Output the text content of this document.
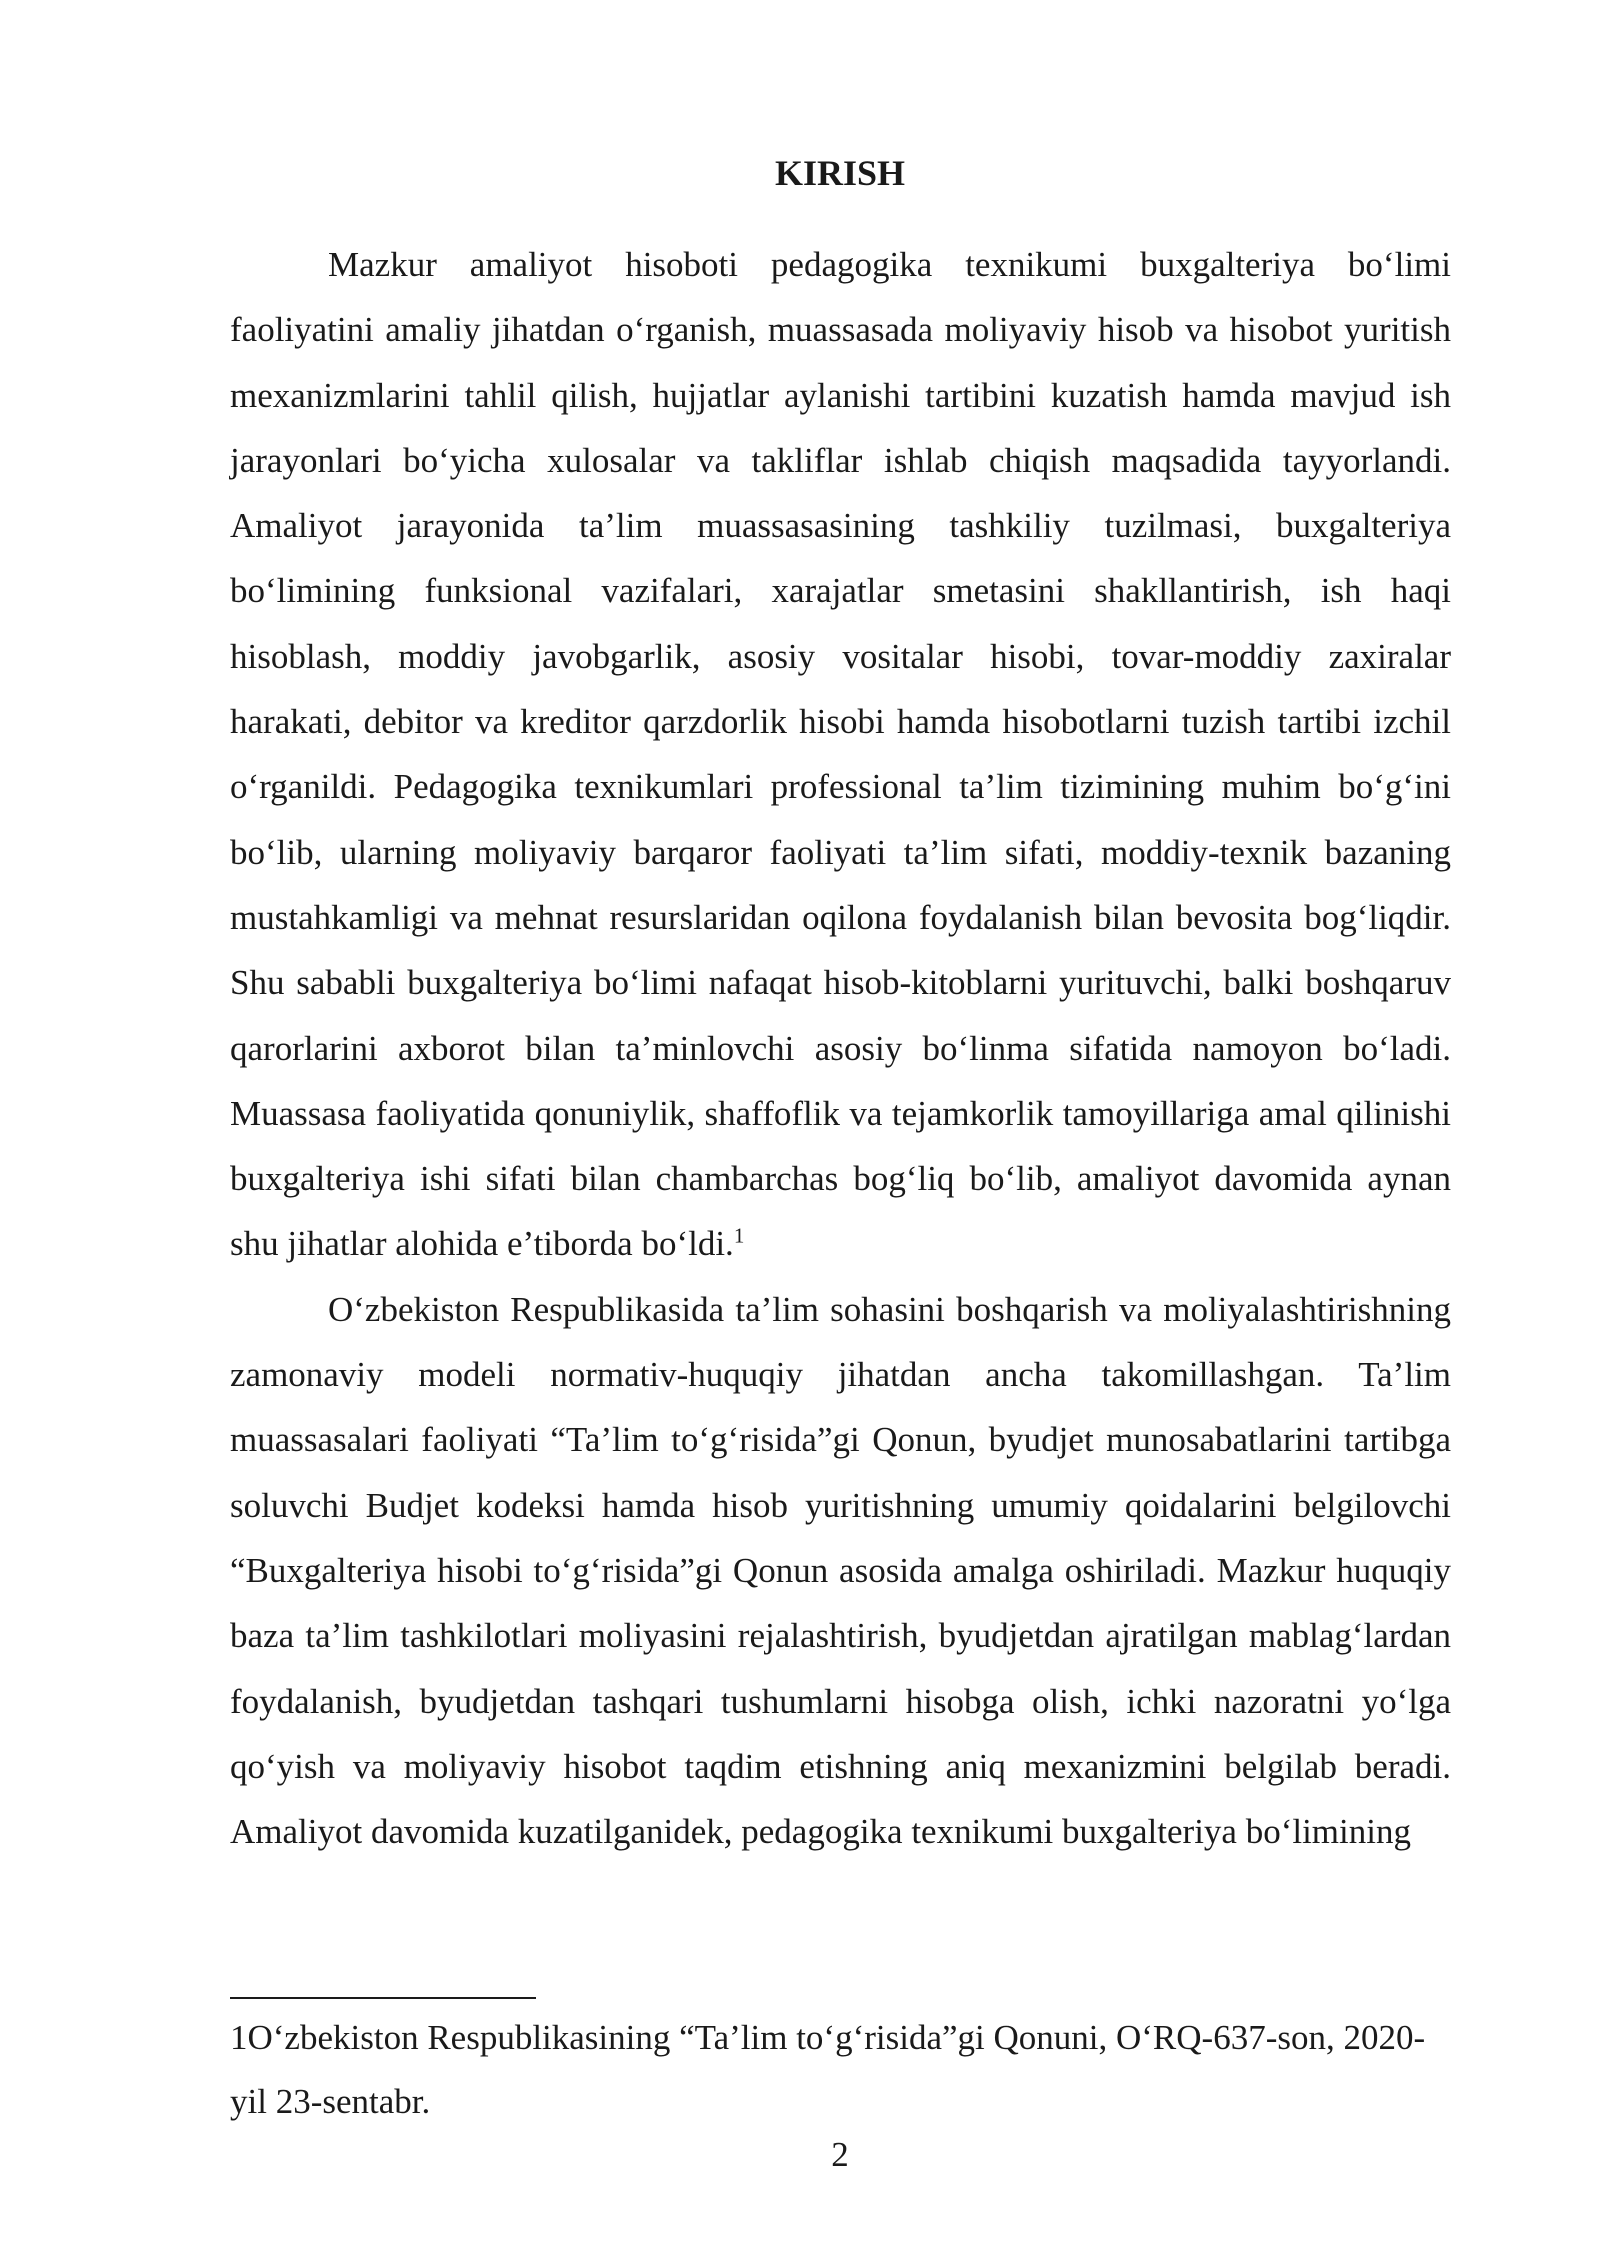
KIRISH

Mazkur amaliyot hisoboti pedagogika texnikumi buxgalteriya bo‘limi faoliyatini amaliy jihatdan o‘rganish, muassasada moliyaviy hisob va hisobot yuritish mexanizmlarini tahlil qilish, hujjatlar aylanishi tartibini kuzatish hamda mavjud ish jarayonlari bo‘yicha xulosalar va takliflar ishlab chiqish maqsadida tayyorlandi. Amaliyot jarayonida ta’lim muassasasining tashkiliy tuzilmasi, buxgalteriya bo‘limining funksional vazifalari, xarajatlar smetasini shakllantirish, ish haqi hisoblash, moddiy javobgarlik, asosiy vositalar hisobi, tovar-moddiy zaxiralar harakati, debitor va kreditor qarzdorlik hisobi hamda hisobotlarni tuzish tartibi izchil o‘rganildi. Pedagogika texnikumlari professional ta’lim tizimining muhim bo‘g‘ini bo‘lib, ularning moliyaviy barqaror faoliyati ta’lim sifati, moddiy-texnik bazaning mustahkamligi va mehnat resurslaridan oqilona foydalanish bilan bevosita bog‘liqdir. Shu sababli buxgalteriya bo‘limi nafaqat hisob-kitoblarni yurituvchi, balki boshqaruv qarorlarini axborot bilan ta’minlovchi asosiy bo‘linma sifatida namoyon bo‘ladi. Muassasa faoliyatida qonuniylik, shaffoflik va tejamkorlik tamoyillariga amal qilinishi buxgalteriya ishi sifati bilan chambarchas bog‘liq bo‘lib, amaliyot davomida aynan shu jihatlar alohida e’tiborda bo‘ldi.$^1$

O‘zbekiston Respublikasida ta’lim sohasini boshqarish va moliyalashtirishning zamonaviy modeli normativ-huquqiy jihatdan ancha takomillashgan. Ta’lim muassasalari faoliyati “Ta’lim to‘g‘risida”gi Qonun, byudjet munosabatlarini tartibga soluvchi Budjet kodeksi hamda hisob yuritishning umumiy qoidalarini belgilovchi “Buxgalteriya hisobi to‘g‘risida”gi Qonun asosida amalga oshiriladi. Mazkur huquqiy baza ta’lim tashkilotlari moliyasini rejalashtirish, byudjetdan ajratilgan mablag‘lardan foydalanish, byudjetdan tashqari tushumlarni hisobga olish, ichki nazoratni yo‘lga qo‘yish va moliyaviy hisobot taqdim etishning aniq mexanizmini belgilab beradi. Amaliyot davomida kuzatilganidek, pedagogika texnikumi buxgalteriya bo‘limining

1O‘zbekiston Respublikasining “Ta’lim to‘g‘risida”gi Qonuni, O‘RQ-637-son, 2020-yil 23-sentabr.

2
